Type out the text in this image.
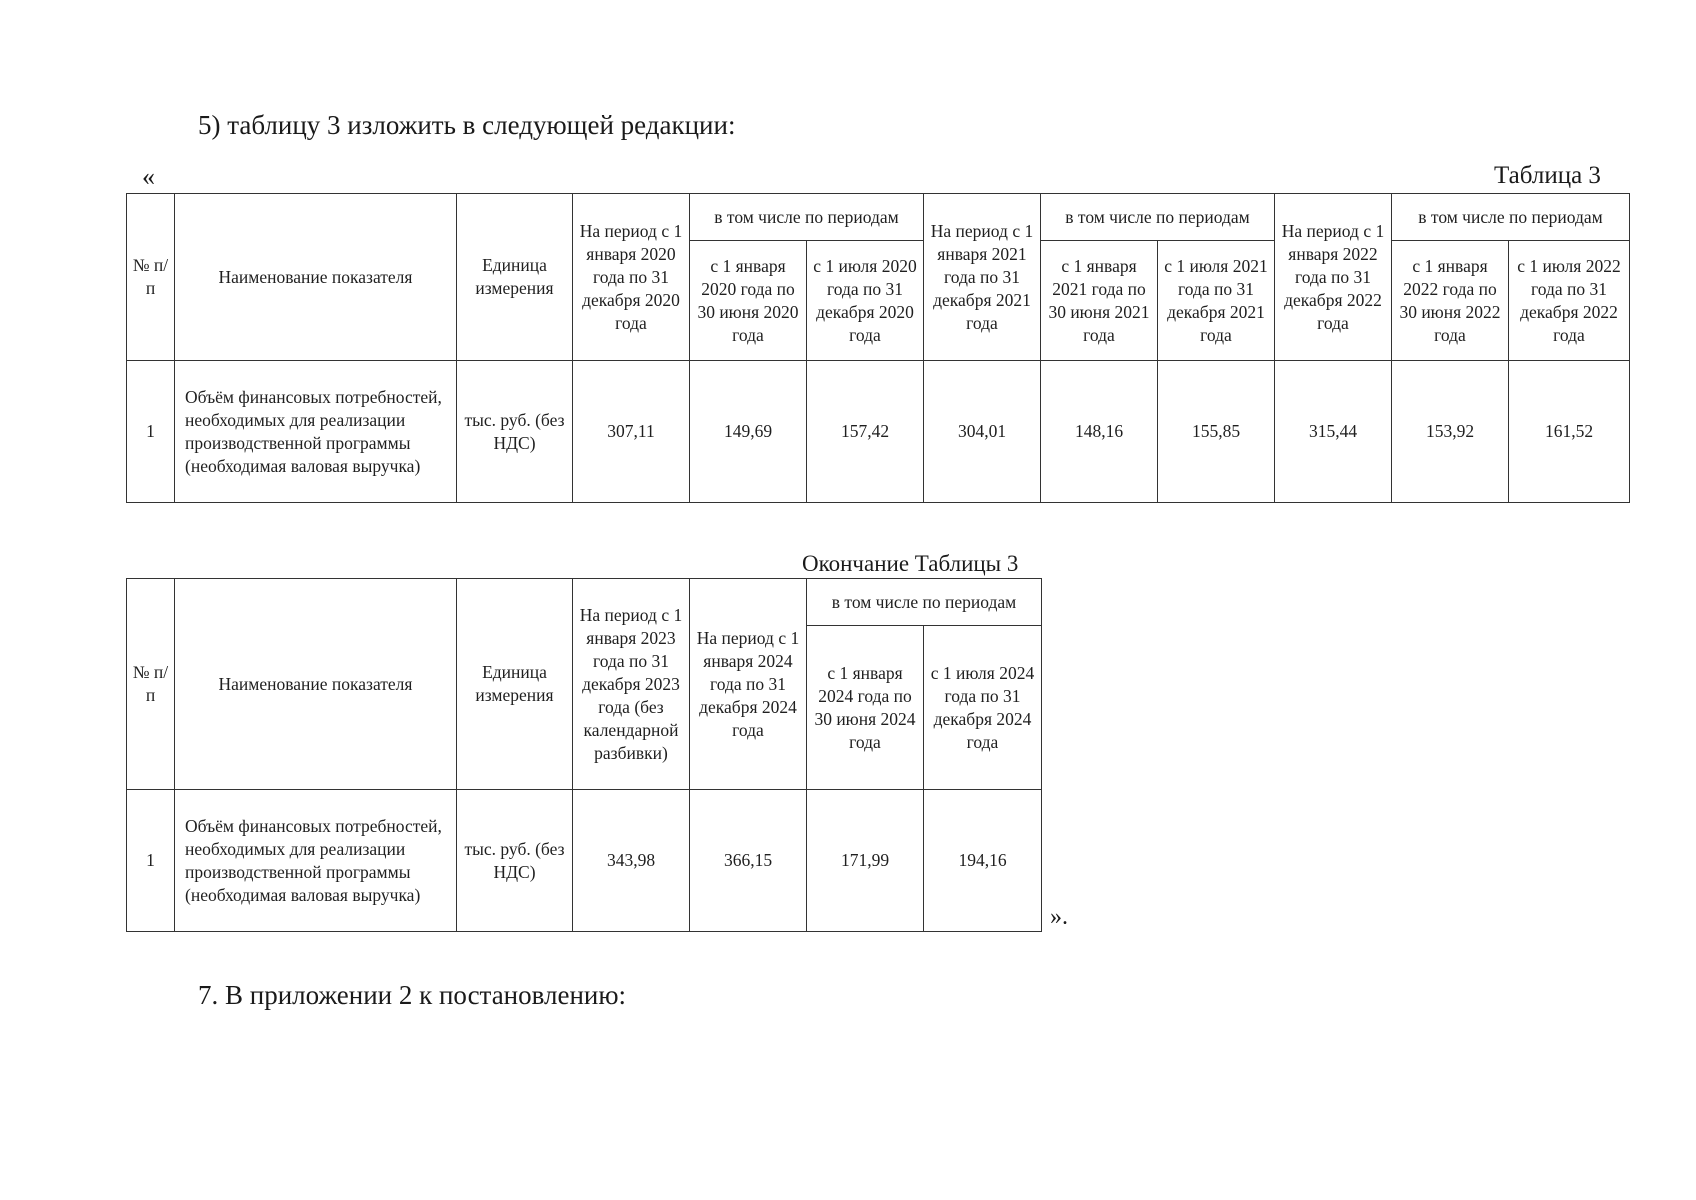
5) таблицу 3 изложить в следующей редакции:
«	Таблица 3
№ п/п	Наименование показателя	Единица измерения	На период с 1 января 2020 года по 31 декабря 2020 года	в том числе по периодам		На период с 1 января 2021 года по 31 декабря 2021 года	в том числе по периодам		На период с 1 января 2022 года по 31 декабря 2022 года	в том числе по периодам	
				с 1 января 2020 года по 30 июня 2020 года	с 1 июля 2020 года по 31 декабря 2020 года		с 1 января 2021 года по 30 июня 2021 года	с 1 июля 2021 года по 31 декабря 2021 года		с 1 января 2022 года по 30 июня 2022 года	с 1 июля 2022 года по 31 декабря 2022 года
1	Объём финансовых потребностей, необходимых для реализации производственной программы (необходимая валовая выручка)	тыс. руб. (без НДС)	307,11	149,69	157,42	304,01	148,16	155,85	315,44	153,92	161,52
Окончание Таблицы 3
№ п/п	Наименование показателя	Единица измерения	На период с 1 января 2023 года по 31 декабря 2023 года (без календарной разбивки)	На период с 1 января 2024 года по 31 декабря 2024 года	в том числе по периодам	
					с 1 января 2024 года по 30 июня 2024 года	с 1 июля 2024 года по 31 декабря 2024 года
1	Объём финансовых потребностей, необходимых для реализации производственной программы (необходимая валовая выручка)	тыс. руб. (без НДС)	343,98	366,15	171,99	194,16
».
7. В приложении 2 к постановлению:
